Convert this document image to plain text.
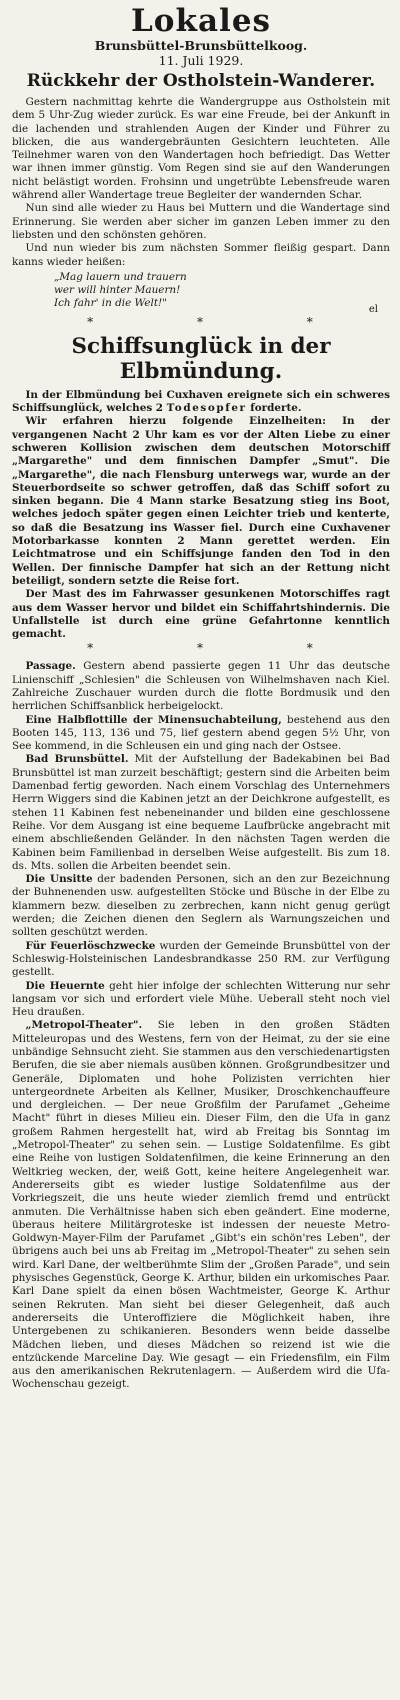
Lokales
Brunsbüttel-Brunsbüttelkoog.
11. Juli 1929.
Rückkehr der Ostholstein-Wanderer.

Gestern nachmittag kehrte die Wandergruppe aus Ostholstein mit dem 5 Uhr-Zug wieder zurück. Es war eine Freude, bei der Ankunft in die lachenden und strahlenden Augen der Kinder und Führer zu blicken, die aus wandergebräunten Gesichtern leuchteten. Alle Teilnehmer waren von den Wandertagen hoch befriedigt. Das Wetter war ihnen immer günstig. Vom Regen sind sie auf den Wanderungen nicht belästigt worden. Frohsinn und ungetrübte Lebensfreude waren während aller Wandertage treue Begleiter der wandernden Schar.

Nun sind alle wieder zu Haus bei Muttern und die Wandertage sind Erinnerung. Sie werden aber sicher im ganzen Leben immer zu den liebsten und den schönsten gehören.

Und nun wieder bis zum nächsten Sommer fleißig gespart. Dann kanns wieder heißen:

„Mag lauern und trauern
wer will hinter Mauern!
Ich fahr' in die Welt!"	el
* * *
Schiffsunglück in der Elbmündung.

In der Elbmündung bei Cuxhaven ereignete sich ein schweres Schiffsunglück, welches 2 Todesopfer forderte.

Wir erfahren hierzu folgende Einzelheiten: In der vergangenen Nacht 2 Uhr kam es vor der Alten Liebe zu einer schweren Kollision zwischen dem deutschen Motorschiff „Margarethe" und dem finnischen Dampfer „Smut". Die „Margarethe", die nach Flensburg unterwegs war, wurde an der Steuerbordseite so schwer getroffen, daß das Schiff sofort zu sinken begann. Die 4 Mann starke Besatzung stieg ins Boot, welches jedoch später gegen einen Leichter trieb und kenterte, so daß die Besatzung ins Wasser fiel. Durch eine Cuxhavener Motorbarkasse konnten 2 Mann gerettet werden. Ein Leichtmatrose und ein Schiffsjunge fanden den Tod in den Wellen. Der finnische Dampfer hat sich an der Rettung nicht beteiligt, sondern setzte die Reise fort.

Der Mast des im Fahrwasser gesunkenen Motorschiffes ragt aus dem Wasser hervor und bildet ein Schiffahrtshindernis. Die Unfallstelle ist durch eine grüne Gefahrtonne kenntlich gemacht.

* * *

Passage. Gestern abend passierte gegen 11 Uhr das deutsche Linienschiff „Schlesien" die Schleusen von Wilhelmshaven nach Kiel. Zahlreiche Zuschauer wurden durch die flotte Bordmusik und den herrlichen Schiffsanblick herbeigelockt.

Eine Halbflottille der Minensuchabteilung, bestehend aus den Booten 145, 113, 136 und 75, lief gestern abend gegen 5½ Uhr, von See kommend, in die Schleusen ein und ging nach der Ostsee.

Bad Brunsbüttel. Mit der Aufstellung der Badekabinen bei Bad Brunsbüttel ist man zurzeit beschäftigt; gestern sind die Arbeiten beim Damenbad fertig geworden. Nach einem Vorschlag des Unternehmers Herrn Wiggers sind die Kabinen jetzt an der Deichkrone aufgestellt, es stehen 11 Kabinen fest nebeneinander und bilden eine geschlossene Reihe. Vor dem Ausgang ist eine bequeme Laufbrücke angebracht mit einem abschließenden Geländer. In den nächsten Tagen werden die Kabinen beim Familienbad in derselben Weise aufgestellt. Bis zum 18. ds. Mts. sollen die Arbeiten beendet sein.

Die Unsitte der badenden Personen, sich an den zur Bezeichnung der Buhnenenden usw. aufgestellten Stöcke und Büsche in der Elbe zu klammern bezw. dieselben zu zerbrechen, kann nicht genug gerügt werden; die Zeichen dienen den Seglern als Warnungszeichen und sollten geschützt werden.

Für Feuerlöschzwecke wurden der Gemeinde Brunsbüttel von der Schleswig-Holsteinischen Landesbrandkasse 250 RM. zur Verfügung gestellt.

Die Heuernte geht hier infolge der schlechten Witterung nur sehr langsam vor sich und erfordert viele Mühe. Ueberall steht noch viel Heu draußen.

„Metropol-Theater". Sie leben in den großen Städten Mitteleuropas und des Westens, fern von der Heimat, zu der sie eine unbändige Sehnsucht zieht. Sie stammen aus den verschiedenartigsten Berufen, die sie aber niemals ausüben können. Großgrundbesitzer und Generäle, Diplomaten und hohe Polizisten verrichten hier untergeordnete Arbeiten als Kellner, Musiker, Droschkenchauffeure und dergleichen. — Der neue Großfilm der Parufamet „Geheime Macht" führt in dieses Milieu ein. Dieser Film, den die Ufa in ganz großem Rahmen hergestellt hat, wird ab Freitag bis Sonntag im „Metropol-Theater" zu sehen sein. — Lustige Soldatenfilme. Es gibt eine Reihe von lustigen Soldatenfilmen, die keine Erinnerung an den Weltkrieg wecken, der, weiß Gott, keine heitere Angelegenheit war. Andererseits gibt es wieder lustige Soldatenfilme aus der Vorkriegszeit, die uns heute wieder ziemlich fremd und entrückt anmuten. Die Verhältnisse haben sich eben geändert. Eine moderne, überaus heitere Militärgroteske ist indessen der neueste Metro-Goldwyn-Mayer-Film der Parufamet „Gibt's ein schön'res Leben", der übrigens auch bei uns ab Freitag im „Metropol-Theater" zu sehen sein wird. Karl Dane, der weltberühmte Slim der „Großen Parade", und sein physisches Gegenstück, George K. Arthur, bilden ein urkomisches Paar. Karl Dane spielt da einen bösen Wachtmeister, George K. Arthur seinen Rekruten. Man sieht bei dieser Gelegenheit, daß auch andererseits die Unteroffiziere die Möglichkeit haben, ihre Untergebenen zu schikanieren. Besonders wenn beide dasselbe Mädchen lieben, und dieses Mädchen so reizend ist wie die entzückende Marceline Day. Wie gesagt — ein Friedensfilm, ein Film aus den amerikanischen Rekrutenlagern. — Außerdem wird die Ufa-Wochenschau gezeigt.
